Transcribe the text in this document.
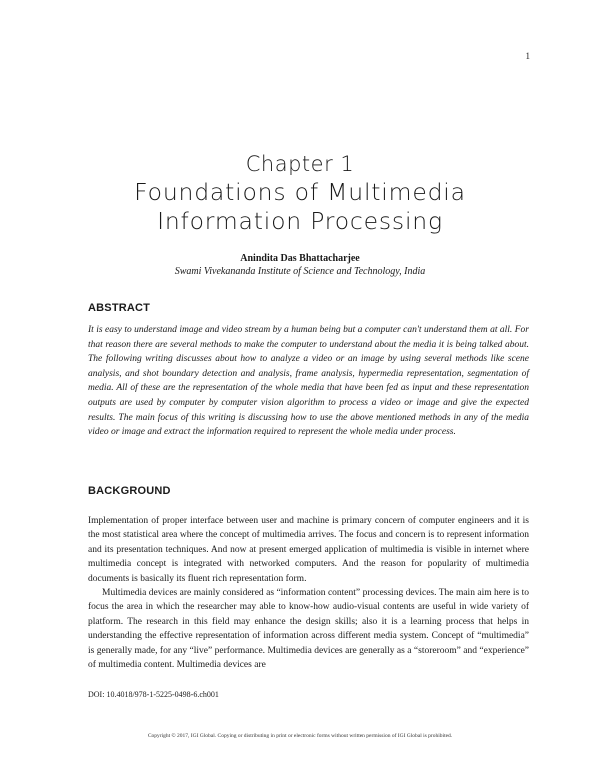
1
Chapter 1
Foundations of Multimedia
Information Processing
Anindita Das Bhattacharjee
Swami Vivekananda Institute of Science and Technology, India
ABSTRACT
It is easy to understand image and video stream by a human being but a computer can't understand them at all. For that reason there are several methods to make the computer to understand about the media it is being talked about. The following writing discusses about how to analyze a video or an image by using several methods like scene analysis, and shot boundary detection and analysis, frame analysis, hypermedia representation, segmentation of media. All of these are the representation of the whole media that have been fed as input and these representation outputs are used by computer by computer vision algorithm to process a video or image and give the expected results. The main focus of this writing is discussing how to use the above mentioned methods in any of the media video or image and extract the information required to represent the whole media under process.
BACKGROUND

Implementation of proper interface between user and machine is primary concern of computer engineers and it is the most statistical area where the concept of multimedia arrives. The focus and concern is to represent information and its presentation techniques. And now at present emerged application of multimedia is visible in internet where multimedia concept is integrated with networked computers. And the reason for popularity of multimedia documents is basically its fluent rich representation form.

Multimedia devices are mainly considered as “information content” processing devices. The main aim here is to focus the area in which the researcher may able to know-how audio-visual contents are useful in wide variety of platform. The research in this field may enhance the design skills; also it is a learning process that helps in understanding the effective representation of information across different media system. Concept of “multimedia” is generally made, for any “live” performance. Multimedia devices are generally as a “storeroom” and “experience” of multimedia content. Multimedia devices are

DOI: 10.4018/978-1-5225-0498-6.ch001
Copyright © 2017, IGI Global. Copying or distributing in print or electronic forms without written permission of IGI Global is prohibited.
